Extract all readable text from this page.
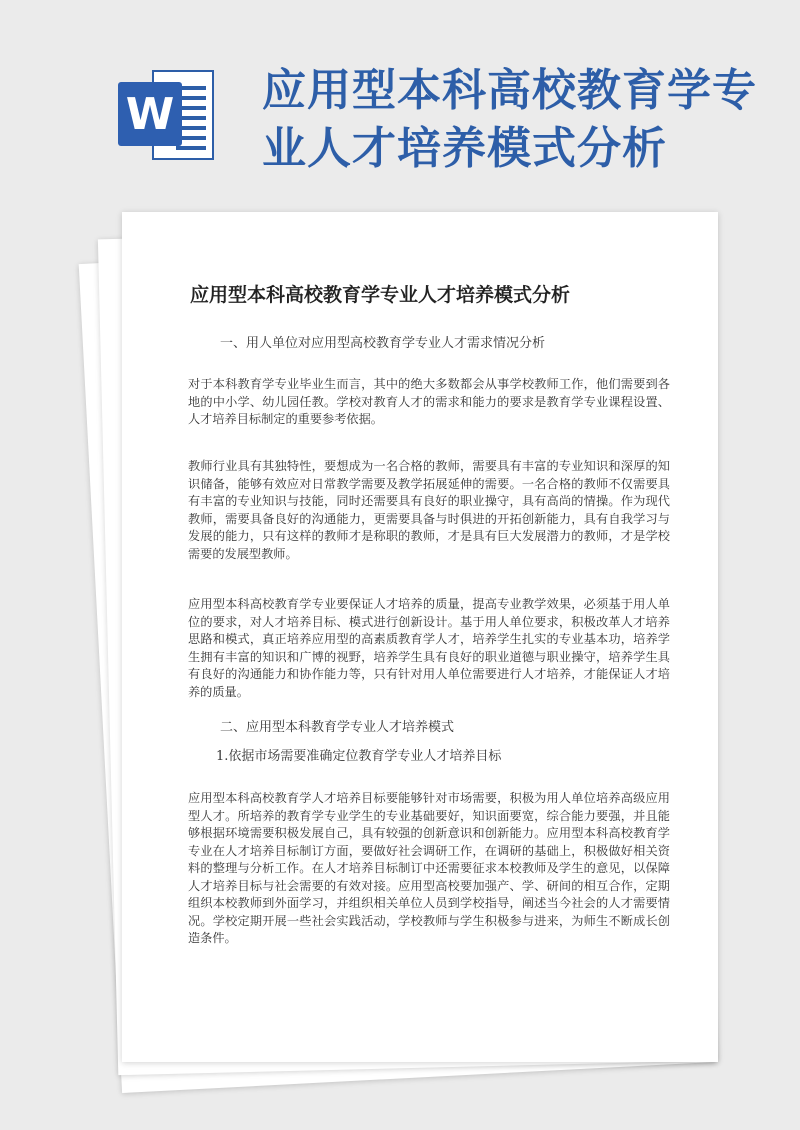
W 应用型本科高校教育学专业人才培养模式分析
应用型本科高校教育学专业人才培养模式分析

一、用人单位对应用型高校教育学专业人才需求情况分析

对于本科教育学专业毕业生而言，其中的绝大多数都会从事学校教师工作，他们需要到各地的中小学、幼儿园任教。学校对教育人才的需求和能力的要求是教育学专业课程设置、人才培养目标制定的重要参考依据。

教师行业具有其独特性，要想成为一名合格的教师，需要具有丰富的专业知识和深厚的知识储备，能够有效应对日常教学需要及教学拓展延伸的需要。一名合格的教师不仅需要具有丰富的专业知识与技能，同时还需要具有良好的职业操守，具有高尚的情操。作为现代教师，需要具备良好的沟通能力，更需要具备与时俱进的开拓创新能力，具有自我学习与发展的能力，只有这样的教师才是称职的教师，才是具有巨大发展潜力的教师，才是学校需要的发展型教师。

应用型本科高校教育学专业要保证人才培养的质量，提高专业教学效果，必须基于用人单位的要求，对人才培养目标、模式进行创新设计。基于用人单位要求，积极改革人才培养思路和模式，真正培养应用型的高素质教育学人才，培养学生扎实的专业基本功，培养学生拥有丰富的知识和广博的视野，培养学生具有良好的职业道德与职业操守，培养学生具有良好的沟通能力和协作能力等，只有针对用人单位需要进行人才培养，才能保证人才培养的质量。

二、应用型本科教育学专业人才培养模式

1.依据市场需要准确定位教育学专业人才培养目标

应用型本科高校教育学人才培养目标要能够针对市场需要，积极为用人单位培养高级应用型人才。所培养的教育学专业学生的专业基础要好，知识面要宽，综合能力要强，并且能够根据环境需要积极发展自己，具有较强的创新意识和创新能力。应用型本科高校教育学专业在人才培养目标制订方面，要做好社会调研工作，在调研的基础上，积极做好相关资料的整理与分析工作。在人才培养目标制订中还需要征求本校教师及学生的意见，以保障人才培养目标与社会需要的有效对接。应用型高校要加强产、学、研间的相互合作，定期组织本校教师到外面学习，并组织相关单位人员到学校指导，阐述当今社会的人才需要情况。学校定期开展一些社会实践活动，学校教师与学生积极参与进来，为师生不断成长创造条件。
